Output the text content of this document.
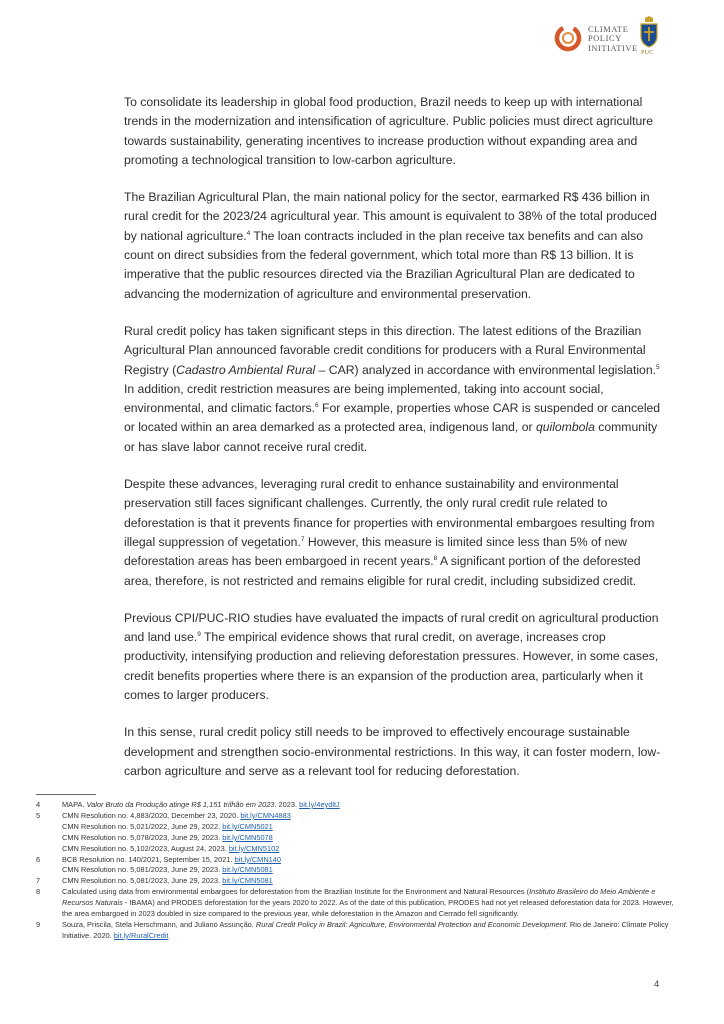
CLIMATE
POLICY
INITIATIVE
PUC

To consolidate its leadership in global food production, Brazil needs to keep up with international trends in the modernization and intensification of agriculture. Public policies must direct agriculture towards sustainability, generating incentives to increase production without expanding area and promoting a technological transition to low-carbon agriculture.

The Brazilian Agricultural Plan, the main national policy for the sector, earmarked R$ 436 billion in rural credit for the 2023/24 agricultural year. This amount is equivalent to 38% of the total produced by national agriculture.$^4$ The loan contracts included in the plan receive tax benefits and can also count on direct subsidies from the federal government, which total more than R$ 13 billion. It is imperative that the public resources directed via the Brazilian Agricultural Plan are dedicated to advancing the modernization of agriculture and environmental preservation.

Rural credit policy has taken significant steps in this direction. The latest editions of the Brazilian Agricultural Plan announced favorable credit conditions for producers with a Rural Environmental Registry (Cadastro Ambiental Rural – CAR) analyzed in accordance with environmental legislation.$^5$ In addition, credit restriction measures are being implemented, taking into account social, environmental, and climatic factors.$^6$ For example, properties whose CAR is suspended or canceled or located within an area demarked as a protected area, indigenous land, or quilombola community or has slave labor cannot receive rural credit.

Despite these advances, leveraging rural credit to enhance sustainability and environmental preservation still faces significant challenges. Currently, the only rural credit rule related to deforestation is that it prevents finance for properties with environmental embargoes resulting from illegal suppression of vegetation.$^7$ However, this measure is limited since less than 5% of new deforestation areas has been embargoed in recent years.$^8$ A significant portion of the deforested area, therefore, is not restricted and remains eligible for rural credit, including subsidized credit.

Previous CPI/PUC-RIO studies have evaluated the impacts of rural credit on agricultural production and land use.$^9$ The empirical evidence shows that rural credit, on average, increases crop productivity, intensifying production and relieving deforestation pressures. However, in some cases, credit benefits properties where there is an expansion of the production area, particularly when it comes to larger producers.

In this sense, rural credit policy still needs to be improved to effectively encourage sustainable development and strengthen socio-environmental restrictions. In this way, it can foster modern, low-carbon agriculture and serve as a relevant tool for reducing deforestation.

4	MAPA. Valor Bruto da Produção atinge R$ 1,151 trilhão em 2023. 2023. bit.ly/4eydltJ
5	CMN Resolution no. 4,883/2020, December 23, 2020. bit.ly/CMN4883
CMN Resolution no. 5,021/2022, June 29, 2022. bit.ly/CMN5021
CMN Resolution no. 5,078/2023, June 29, 2023. bit.ly/CMN5078
CMN Resolution no. 5,102/2023, August 24, 2023. bit.ly/CMN5102
6	BCB Resolution no. 140/2021, September 15, 2021. bit.ly/CMN140
CMN Resolution no. 5,081/2023, June 29, 2023. bit.ly/CMN5081
7	CMN Resolution no. 5,081/2023, June 29, 2023. bit.ly/CMN5081
8	Calculated using data from environmental embargoes for deforestation from the Brazilian Institute for the Environment and Natural Resources (Instituto Brasileiro do Meio Ambiente e Recursos Naturais - IBAMA) and PRODES deforestation for the years 2020 to 2022. As of the date of this publication, PRODES had not yet released deforestation data for 2023. However, the area embargoed in 2023 doubled in size compared to the previous year, while deforestation in the Amazon and Cerrado fell significantly.
9	Souza, Priscila, Stela Herschmann, and Juliano Assunção. Rural Credit Policy in Brazil: Agriculture, Environmental Protection and Economic Development. Rio de Janeiro: Climate Policy Initiative. 2020. bit.ly/RuralCredit
4
